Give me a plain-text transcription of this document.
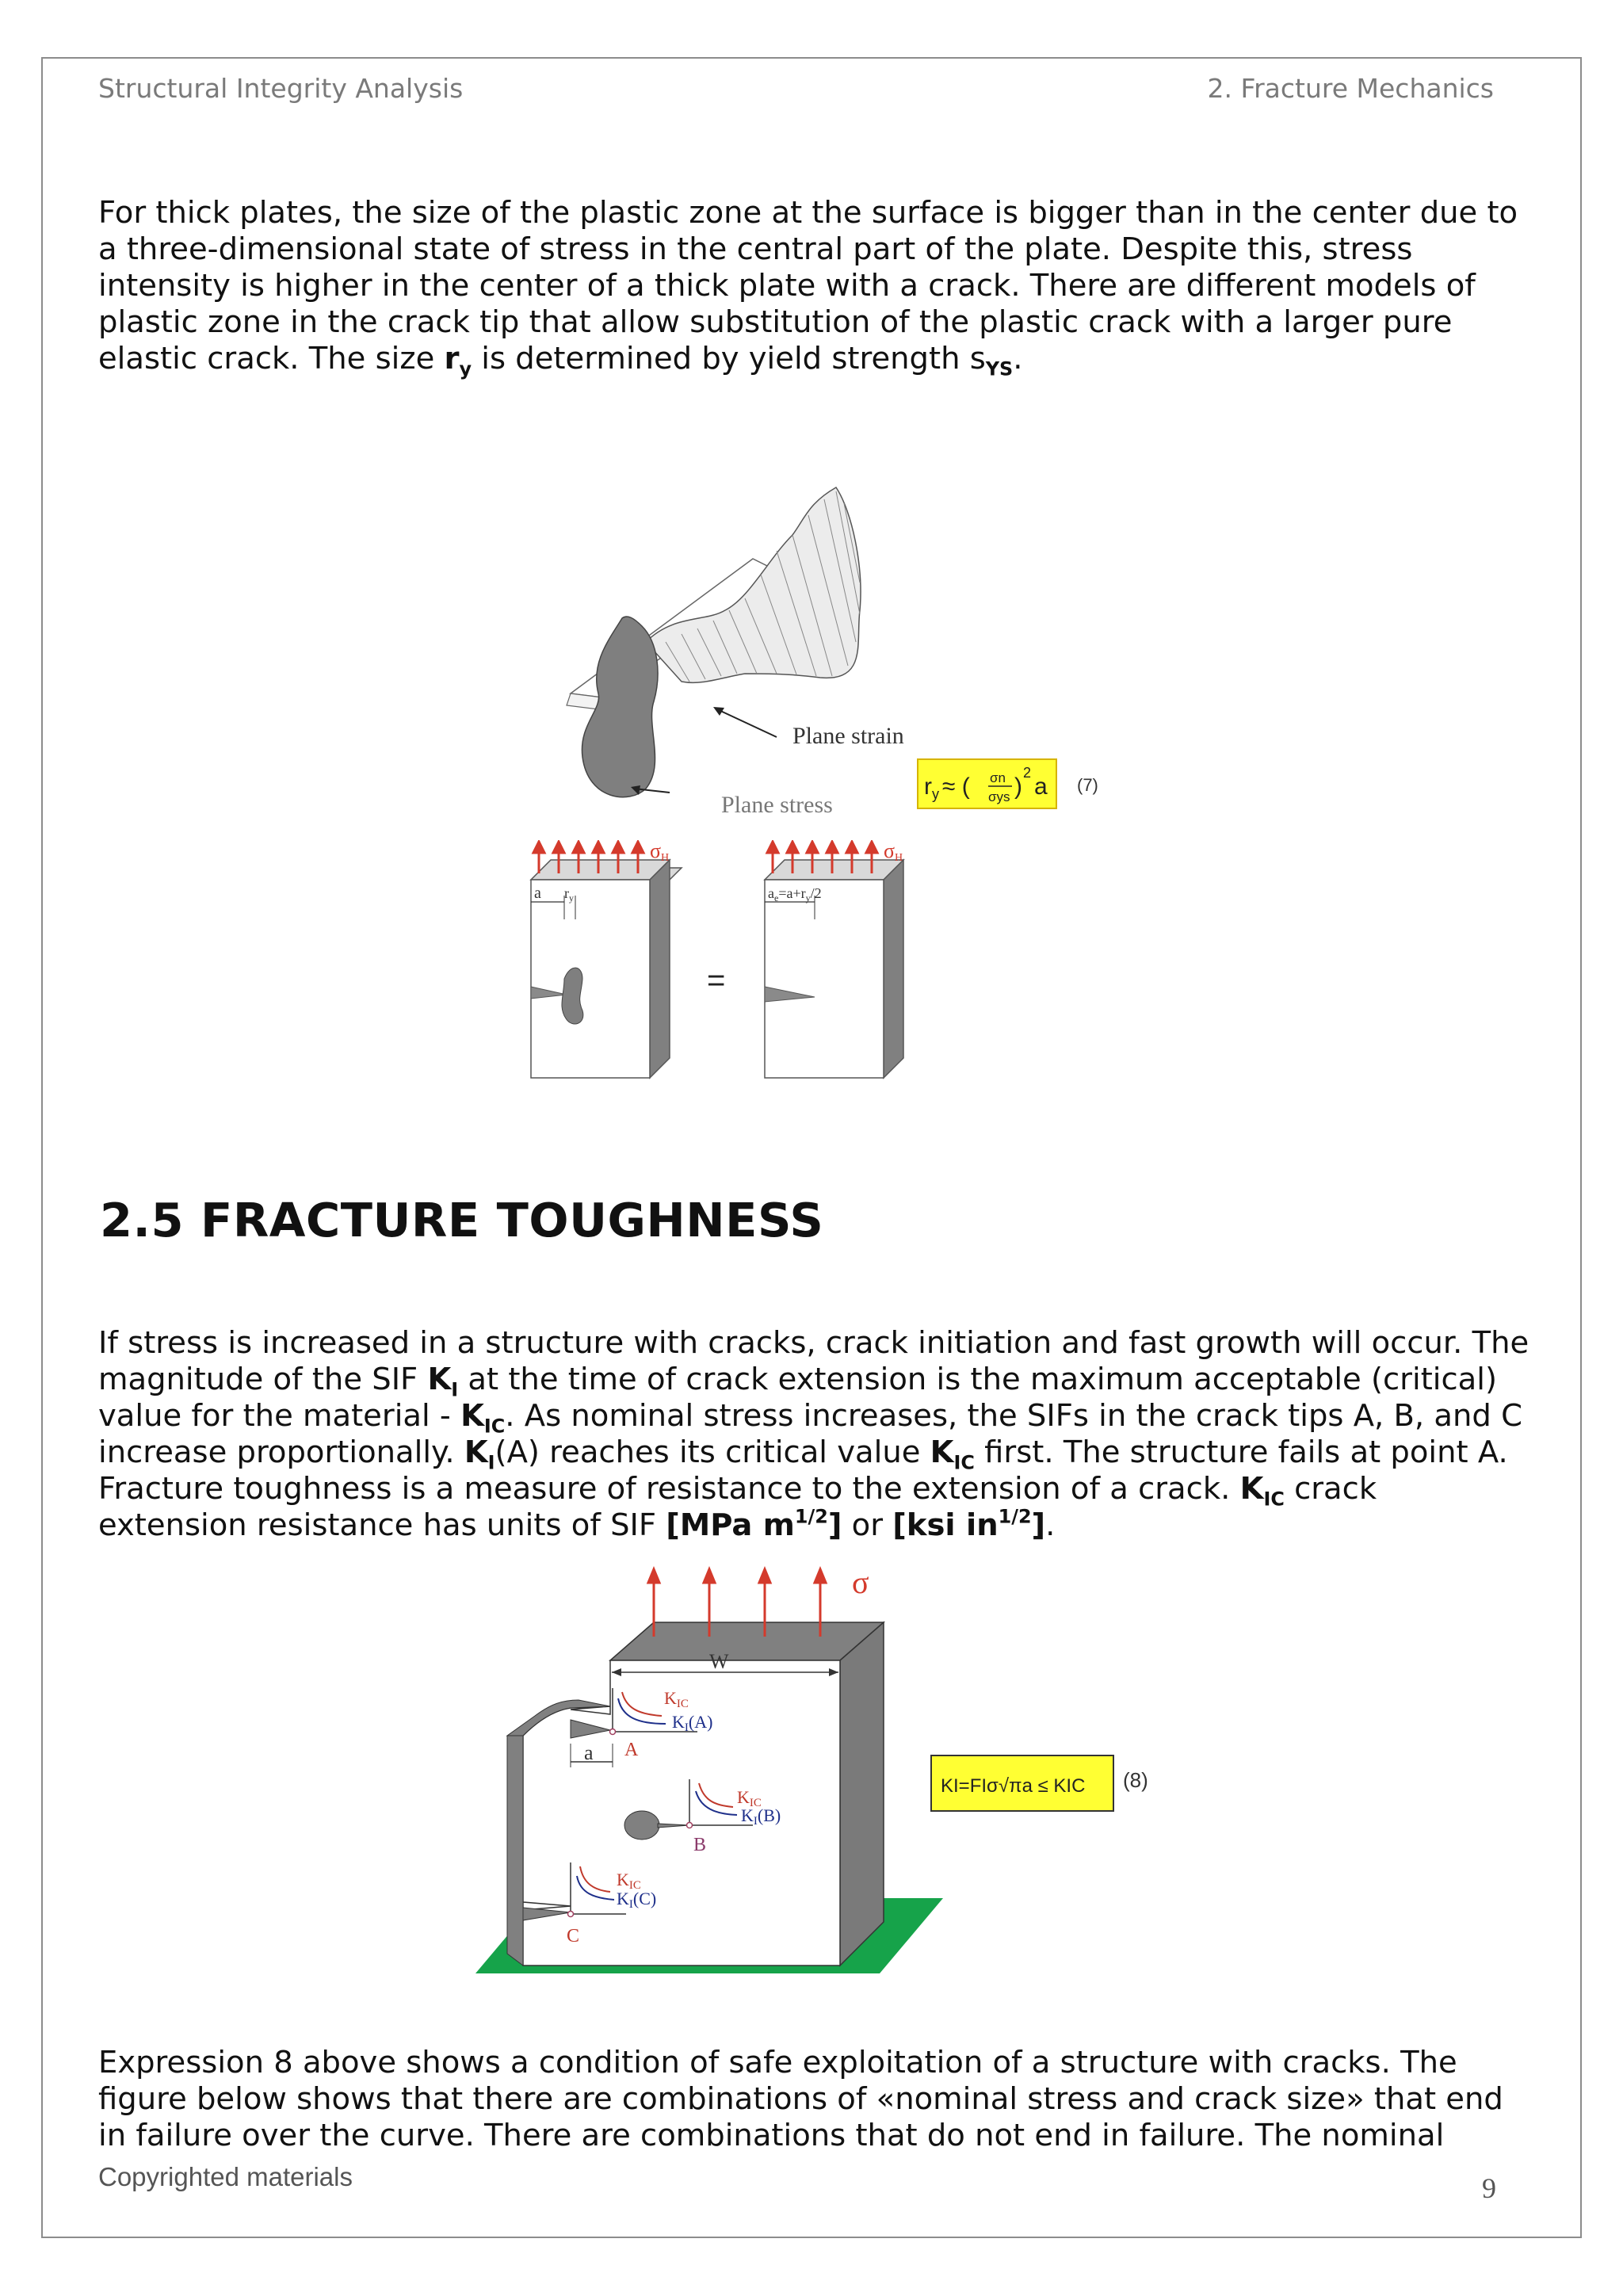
Structural Integrity Analysis	2. Fracture Mechanics

For thick plates, the size of the plastic zone at the surface is bigger than in the center due to a three-dimensional state of stress in the central part of the plate. Despite this, stress intensity is higher in the center of a thick plate with a crack. There are different models of plastic zone in the crack tip that allow substitution of the plastic crack with a larger pure elastic crack. The size $r_y$ is determined by yield strength $s_{YS}$.

Plane strain
Plane stress
$r_y$ ≈ ( σn
σys )
2
a (7)
a $r_y$
σH
=
$a_e=a+r_y/2$
σH
2.5 FRACTURE TOUGHNESS

If stress is increased in a structure with cracks, crack initiation and fast growth will occur. The magnitude of the SIF $K_I$ at the time of crack extension is the maximum acceptable (critical) value for the material - $K_{IC}$. As nominal stress increases, the SIFs in the crack tips A, B, and C increase proportionally. $K_I(A)$ reaches its critical value $K_{IC}$ first. The structure fails at point A. Fracture toughness is a measure of resistance to the extension of a crack. $K_{IC}$ crack extension resistance has units of SIF [MPa $m^{1/2}$] or [ksi $in^{1/2}$].

W
a
KIC
KI(A)
A
KIC
KI(B)
B
KIC
KI(C)
C
σ
KI=FIσ√πa ≤ KIC (8)

Expression 8 above shows a condition of safe exploitation of a structure with cracks. The figure below shows that there are combinations of «nominal stress and crack size» that end in failure over the curve. There are combinations that do not end in failure. The nominal

Copyrighted materials	9
